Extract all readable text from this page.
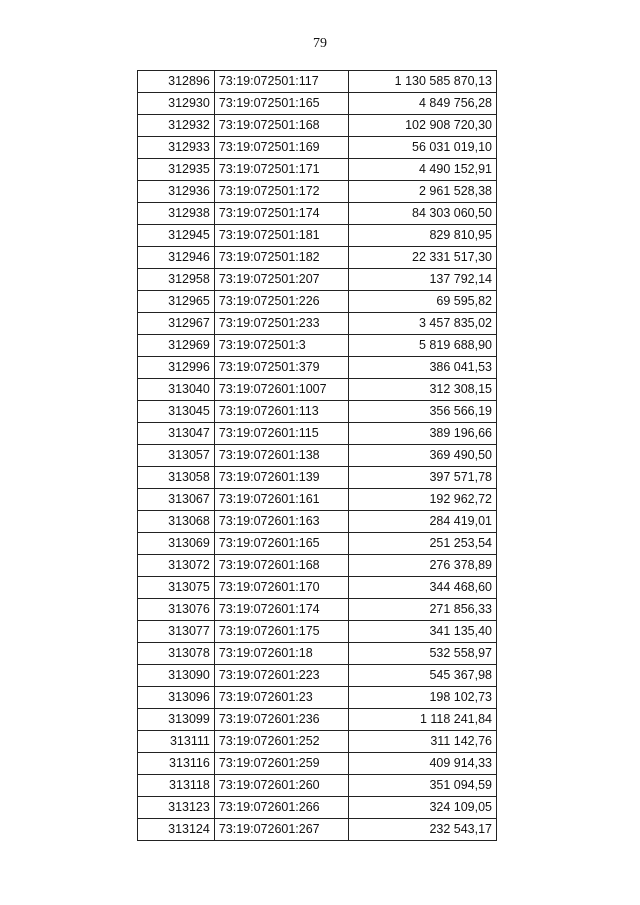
79
312896	73:19:072501:117	1 130 585 870,13
312930	73:19:072501:165	4 849 756,28
312932	73:19:072501:168	102 908 720,30
312933	73:19:072501:169	56 031 019,10
312935	73:19:072501:171	4 490 152,91
312936	73:19:072501:172	2 961 528,38
312938	73:19:072501:174	84 303 060,50
312945	73:19:072501:181	829 810,95
312946	73:19:072501:182	22 331 517,30
312958	73:19:072501:207	137 792,14
312965	73:19:072501:226	69 595,82
312967	73:19:072501:233	3 457 835,02
312969	73:19:072501:3	5 819 688,90
312996	73:19:072501:379	386 041,53
313040	73:19:072601:1007	312 308,15
313045	73:19:072601:113	356 566,19
313047	73:19:072601:115	389 196,66
313057	73:19:072601:138	369 490,50
313058	73:19:072601:139	397 571,78
313067	73:19:072601:161	192 962,72
313068	73:19:072601:163	284 419,01
313069	73:19:072601:165	251 253,54
313072	73:19:072601:168	276 378,89
313075	73:19:072601:170	344 468,60
313076	73:19:072601:174	271 856,33
313077	73:19:072601:175	341 135,40
313078	73:19:072601:18	532 558,97
313090	73:19:072601:223	545 367,98
313096	73:19:072601:23	198 102,73
313099	73:19:072601:236	1 118 241,84
313111	73:19:072601:252	311 142,76
313116	73:19:072601:259	409 914,33
313118	73:19:072601:260	351 094,59
313123	73:19:072601:266	324 109,05
313124	73:19:072601:267	232 543,17
